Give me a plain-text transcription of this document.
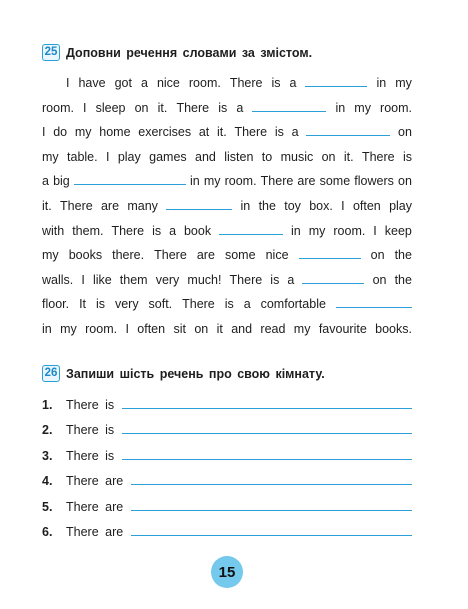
25 Доповни речення словами за змістом.
I have got a nice room. There is a	in my
room. I sleep on it. There is a	in my room.
I do my home exercises at it. There is a	on
my table. I play games and listen to music on it. There is
a big	in my room. There are some flowers on
it. There are many	in the toy box. I often play
with them. There is a book	in my room. I keep
my books there. There are some nice	on the
walls. I like them very much! There is a	on the
floor. It is very soft. There is a comfortable
in my room. I often sit on it and read my favourite books.
26 Запиши шість речень про свою кімнату.
1.	There is
2.	There is
3.	There is
4.	There are
5.	There are
6.	There are
15
